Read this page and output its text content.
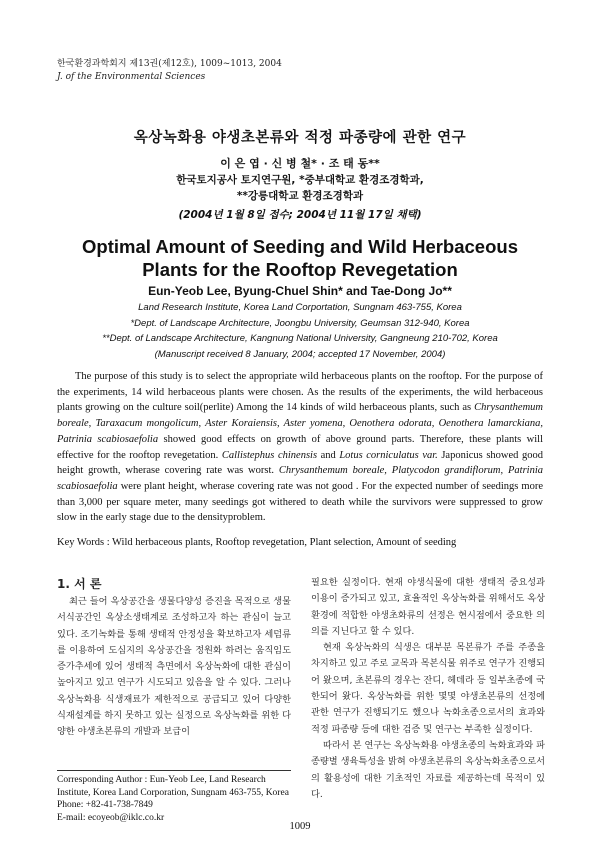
한국환경과학회지 제13권(제12호), 1009~1013, 2004
J. of the Environmental Sciences
옥상녹화용 야생초본류와 적정 파종량에 관한 연구
이 은 엽 · 신 병 철* · 조 태 동**
한국토지공사 토지연구원, *중부대학교 환경조경학과,
**강릉대학교 환경조경학과
(2004년 1월 8일 접수; 2004년 11월 17일 채택)
Optimal Amount of Seeding and Wild Herbaceous
Plants for the Rooftop Revegetation
Eun-Yeob Lee, Byung-Chuel Shin* and Tae-Dong Jo**
Land Research Institute, Korea Land Corportation, Sungnam 463-755, Korea
*Dept. of Landscape Architecture, Joongbu University, Geumsan 312-940, Korea
**Dept. of Landscape Architecture, Kangnung National University, Gangneung 210-702, Korea
(Manuscript received 8 January, 2004; accepted 17 November, 2004)
The purpose of this study is to select the appropriate wild herbaceous plants on the rooftop. For the purpose of the experiments, 14 wild herbaceous plants were chosen. As the results of the experiments, the wild herbaceous plants growing on the culture soil(perlite) Among the 14 kinds of wild herbaceous plants, such as Chrysanthemum boreale, Taraxacum mongolicum, Aster Koraiensis, Aster yomena, Oenothera odorata, Oenothera lamarckiana, Patrinia scabiosaefolia showed good effects on growth of above ground parts. Therefore, these plants will effective for the rooftop revegetation. Callistephus chinensis and Lotus corniculatus var. Japonicus showed good height growth, wherase covering rate was worst. Chrysanthemum boreale, Platycodon grandiflorum, Patrinia scabiosaefolia were plant height, wherase covering rate was not good . For the expected number of seedings more than 3,000 per square meter, many seedings got withered to death while the survivors were suppressed to grow slow in the early stage due to the densityproblem.
Key Words : Wild herbaceous plants, Rooftop revegetation, Plant selection, Amount of seeding
1. 서 론

최근 들어 옥상공간을 생물다양성 증진을 목적으로 생물서식공간인 옥상소생태계로 조성하고자 하는 관심이 늘고 있다. 조기녹화를 통해 생태적 안정성을 확보하고자 세덤류를 이용하여 도심지의 옥상공간을 정원화 하려는 움직임도 증가추세에 있어 생태적 측면에서 옥상녹화에 대한 관심이 높아지고 있고 연구가 시도되고 있음을 알 수 있다. 그러나 옥상녹화용 식생재료가 제한적으로 공급되고 있어 다양한 식재설계를 하지 못하고 있는 실정으로 옥상녹화를 위한 다양한 야생초본류의 개발과 보급이

필요한 실정이다. 현재 야생식물에 대한 생태적 중요성과 이용이 증가되고 있고, 효율적인 옥상녹화를 위해서도 옥상환경에 적합한 야생초화류의 선정은 현시점에서 중요한 의의를 지닌다고 할 수 있다.

현재 옥상녹화의 식생은 대부분 목본류가 주를 주종을 차지하고 있고 주로 교목과 목본식물 위주로 연구가 진행되어 왔으며, 초본류의 경우는 잔디, 헤데라 등 일부초종에 국한되어 왔다. 옥상녹화를 위한 몇몇 야생초본류의 선정에 관한 연구가 진행되기도 했으나 녹화초종으로서의 효과와 적정 파종량 등에 대한 검증 및 연구는 부족한 실정이다.

따라서 본 연구는 옥상녹화용 야생초종의 녹화효과와 파종량별 생육특성을 밝혀 야생초본류의 옥상녹화초종으로서의 활용성에 대한 기초적인 자료를 제공하는데 목적이 있다.

Corresponding Author : Eun-Yeob Lee, Land Research
Institute, Korea Land Corporation, Sungnam 463-755, Korea
Phone: +82-41-738-7849
E-mail: ecoyeob@iklc.co.kr
1009
